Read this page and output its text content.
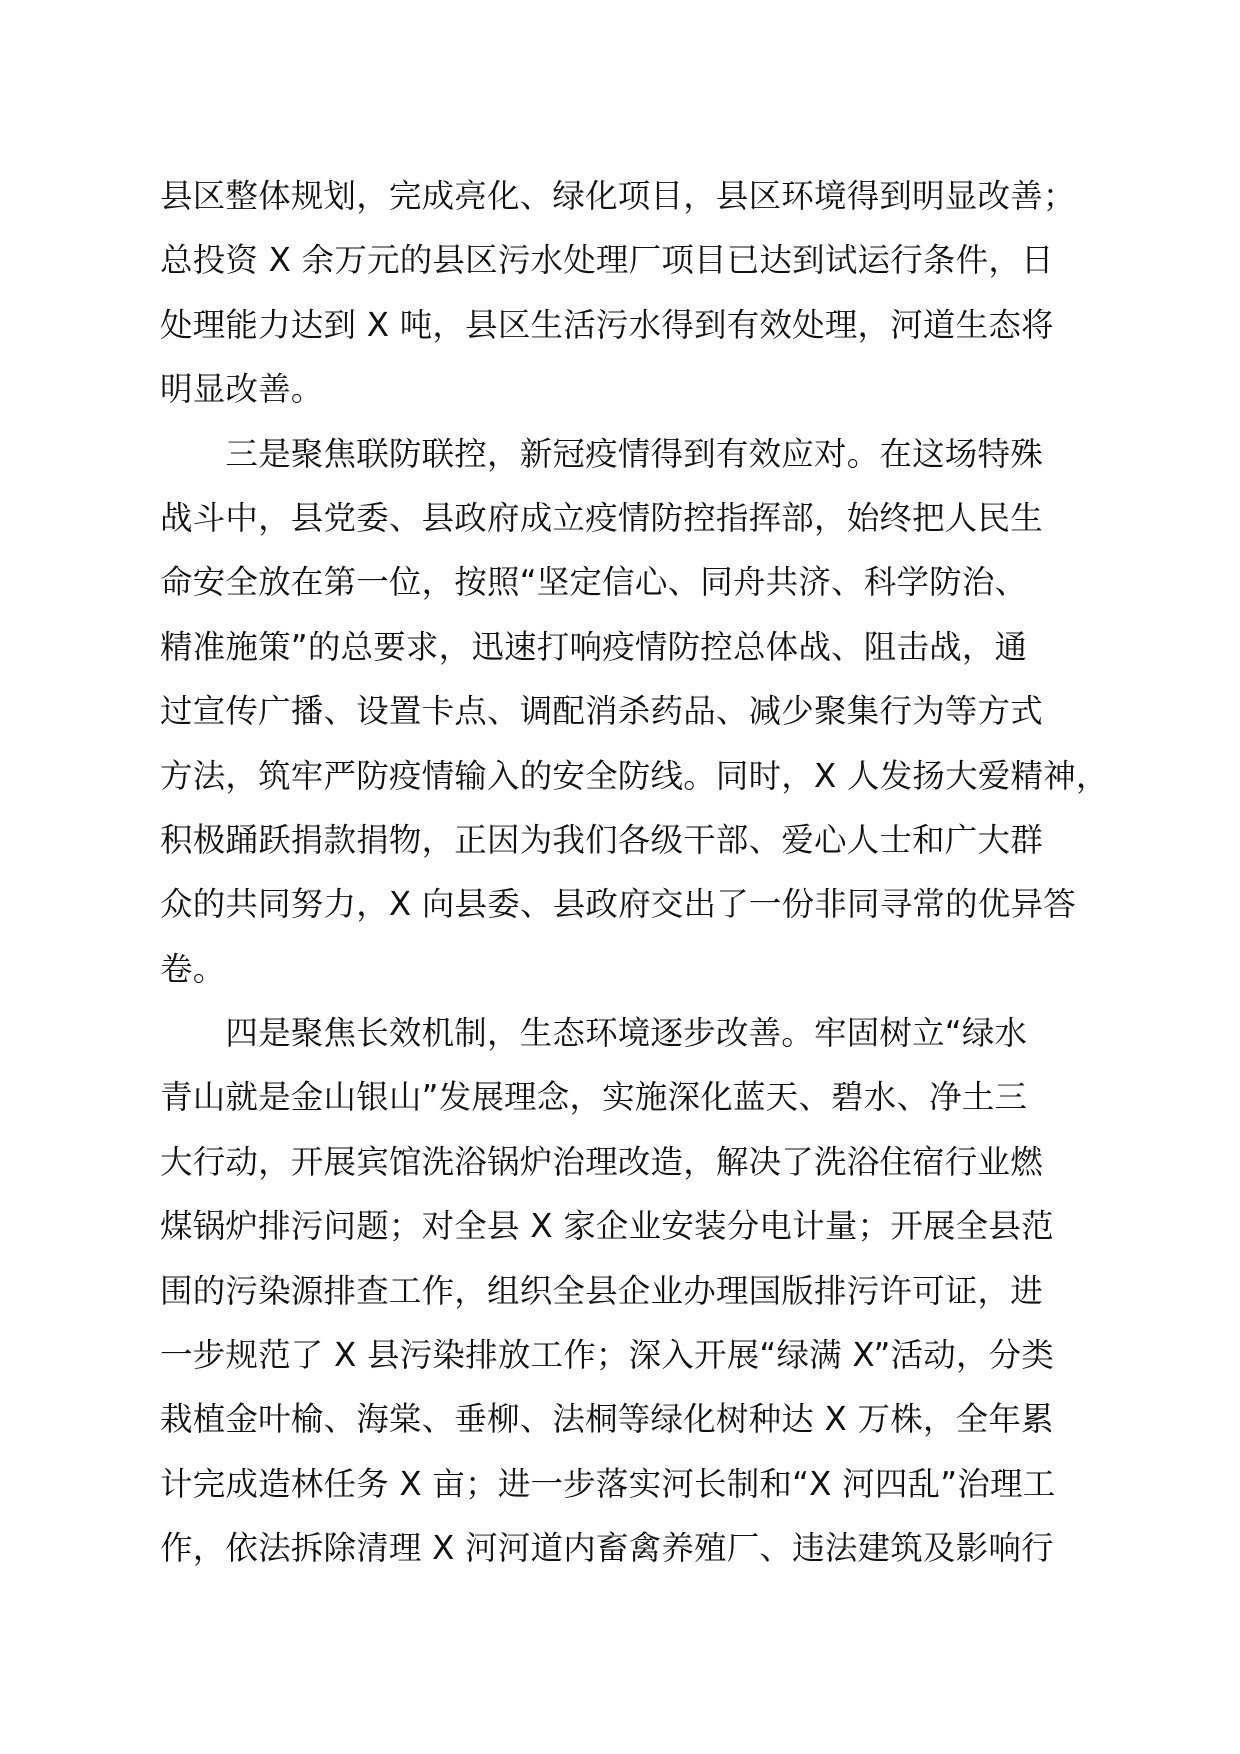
县区整体规划，完成亮化、绿化项目，县区环境得到明显改善；
总投资 X 余万元的县区污水处理厂项目已达到试运行条件，日
处理能力达到 X 吨，县区生活污水得到有效处理，河道生态将
明显改善。
　　三是聚焦联防联控，新冠疫情得到有效应对。在这场特殊
战斗中，县党委、县政府成立疫情防控指挥部，始终把人民生
命安全放在第一位，按照“坚定信心、同舟共济、科学防治、
精准施策”的总要求，迅速打响疫情防控总体战、阻击战，通
过宣传广播、设置卡点、调配消杀药品、减少聚集行为等方式
方法，筑牢严防疫情输入的安全防线。同时，X 人发扬大爱精神，
积极踊跃捐款捐物，正因为我们各级干部、爱心人士和广大群
众的共同努力，X 向县委、县政府交出了一份非同寻常的优异答
卷。
　　四是聚焦长效机制，生态环境逐步改善。牢固树立“绿水
青山就是金山银山”发展理念，实施深化蓝天、碧水、净土三
大行动，开展宾馆洗浴锅炉治理改造，解决了洗浴住宿行业燃
煤锅炉排污问题；对全县 X 家企业安装分电计量；开展全县范
围的污染源排查工作，组织全县企业办理国版排污许可证，进
一步规范了 X 县污染排放工作；深入开展“绿满 X”活动，分类
栽植金叶榆、海棠、垂柳、法桐等绿化树种达 X 万株，全年累
计完成造林任务 X 亩；进一步落实河长制和“X 河四乱”治理工
作，依法拆除清理 X 河河道内畜禽养殖厂、违法建筑及影响行
